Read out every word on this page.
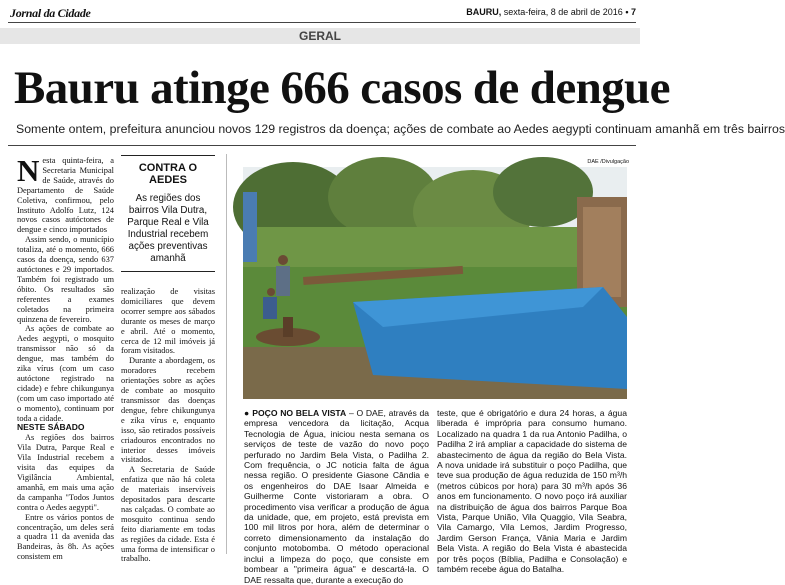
Jornal da Cidade	BAURU, sexta-feira, 8 de abril de 2016 • 7
GERAL
Bauru atinge 666 casos de dengue
Somente ontem, prefeitura anunciou novos 129 registros da doença; ações de combate ao Aedes aegypti continuam amanhã em três bairros

Nesta quinta-feira, a Secretaria Municipal de Saúde, através do Departamento de Saúde Coletiva, confirmou, pelo Instituto Adolfo Lutz, 124 novos casos autóctones de dengue e cinco importados

Assim sendo, o município totaliza, até o momento, 666 casos da doença, sendo 637 autóctones e 29 importados. Também foi registrado um óbito. Os resultados são referentes a exames coletados na primeira quinzena de fevereiro.

As ações de combate ao Aedes aegypti, o mosquito transmissor não só da dengue, mas também do zika vírus (com um caso autóctone registrado na cidade) e febre chikungunya (com um caso importado até o momento), continuam por toda a cidade.

NESTE SÁBADO

As regiões dos bairros Vila Dutra, Parque Real e Vila Industrial recebem a visita das equipes da Vigilância Ambiental, amanhã, em mais uma ação da campanha "Todos Juntos contra o Aedes aegypti".

Entre os vários pontos de concentração, um deles será a quadra 11 da avenida das Bandeiras, às 8h. As ações consistem em

CONTRA O AEDES
As regiões dos bairros Vila Dutra, Parque Real e Vila Industrial recebem ações preventivas amanhã

realização de visitas domiciliares que devem ocorrer sempre aos sábados durante os meses de março e abril. Até o momento, cerca de 12 mil imóveis já foram visitados.

Durante a abordagem, os moradores recebem orientações sobre as ações de combate ao mosquito transmissor das doenças dengue, febre chikungunya e zika vírus e, enquanto isso, são retirados possíveis criadouros encontrados no interior desses imóveis visitados.

A Secretaria de Saúde enfatiza que não há coleta de materiais inservíveis depositados para descarte nas calçadas. O combate ao mosquito continua sendo feito diariamente em todas as regiões da cidade. Esta é uma forma de intensificar o trabalho.

DAE /Divulgação
● POÇO NO BELA VISTA – O DAE, através da empresa vencedora da licitação, Acqua Tecnologia de Água, iniciou nesta semana os serviços de teste de vazão do novo poço perfurado no Jardim Bela Vista, o Padilha 2. Com frequência, o JC noticia falta de água nessa região. O presidente Giasone Cândia e os engenheiros do DAE Isaar Almeida e Guilherme Conte vistoriaram a obra. O procedimento visa verificar a produção de água da unidade, que, em projeto, está prevista em 100 mil litros por hora, além de determinar o correto dimensionamento da instalação do conjunto motobomba. O método operacional inclui a limpeza do poço, que consiste em bombear a "primeira água" e descartá-la. O DAE ressalta que, durante a execução do
teste, que é obrigatório e dura 24 horas, a água liberada é imprópria para consumo humano. Localizado na quadra 1 da rua Antonio Padilha, o Padilha 2 irá ampliar a capacidade do sistema de abastecimento de água da região do Bela Vista. A nova unidade irá substituir o poço Padilha, que teve sua produção de água reduzida de 150 m³/h (metros cúbicos por hora) para 30 m³/h após 36 anos em funcionamento. O novo poço irá auxiliar na distribuição de água dos bairros Parque Boa Vista, Parque União, Vila Quaggio, Vila Seabra, Vila Camargo, Vila Lemos, Jardim Progresso, Jardim Gerson França, Vânia Maria e Jardim Bela Vista. A região do Bela Vista é abastecida por três poços (Bíblia, Padilha e Consolação) e também recebe água do Batalha.
